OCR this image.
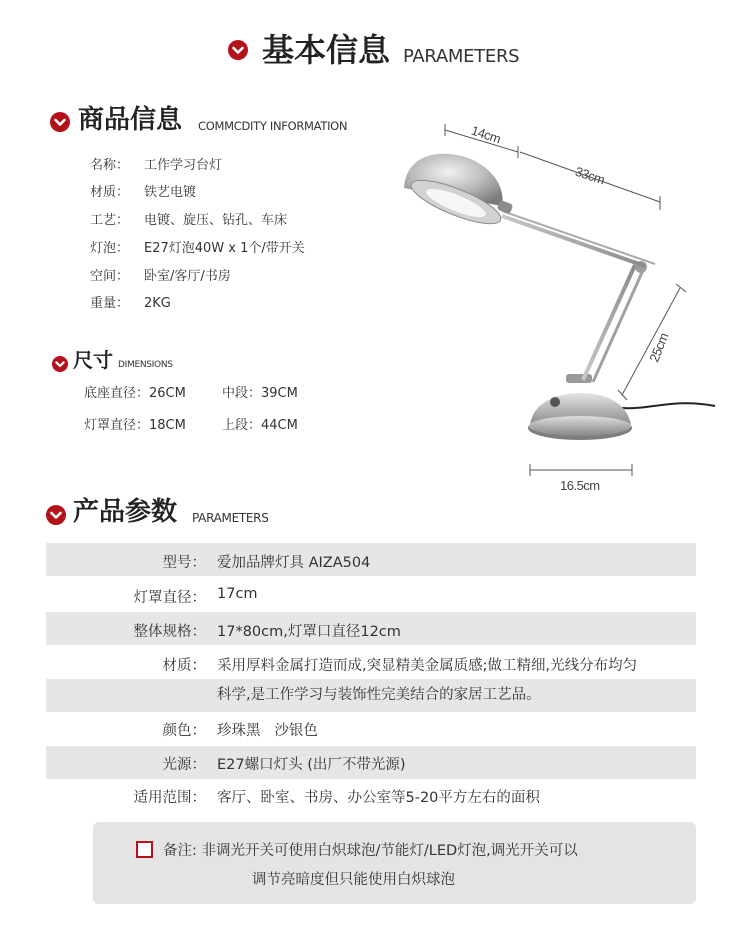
基本信息 PARAMETERS
商品信息 COMMCDITY INFORMATION
名称： 工作学习台灯
材质： 铁艺电镀
工艺： 电镀、旋压、钻孔、车床
灯泡： E27灯泡40W x 1个/带开关
空间： 卧室/客厅/书房
重量： 2KG
尺寸 DIMENSIONS
底座直径：26CM	中段：39CM
灯罩直径：18CM	上段：44CM
14cm
33cm
25cm
16.5cm
产品参数 PARAMETERS
型号： 爱加品牌灯具 AIZA504
灯罩直径： 17cm
整体规格： 17*80cm,灯罩口直径12cm
材质： 采用厚料金属打造而成,突显精美金属质感;做工精细,光线分布均匀
科学,是工作学习与装饰性完美结合的家居工艺品。
颜色： 珍珠黑   沙银色
光源： E27螺口灯头 (出厂不带光源)
适用范围： 客厅、卧室、书房、办公室等5-20平方左右的面积
备注: 非调光开关可使用白炽球泡/节能灯/LED灯泡,调光开关可以
调节亮暗度但只能使用白炽球泡
